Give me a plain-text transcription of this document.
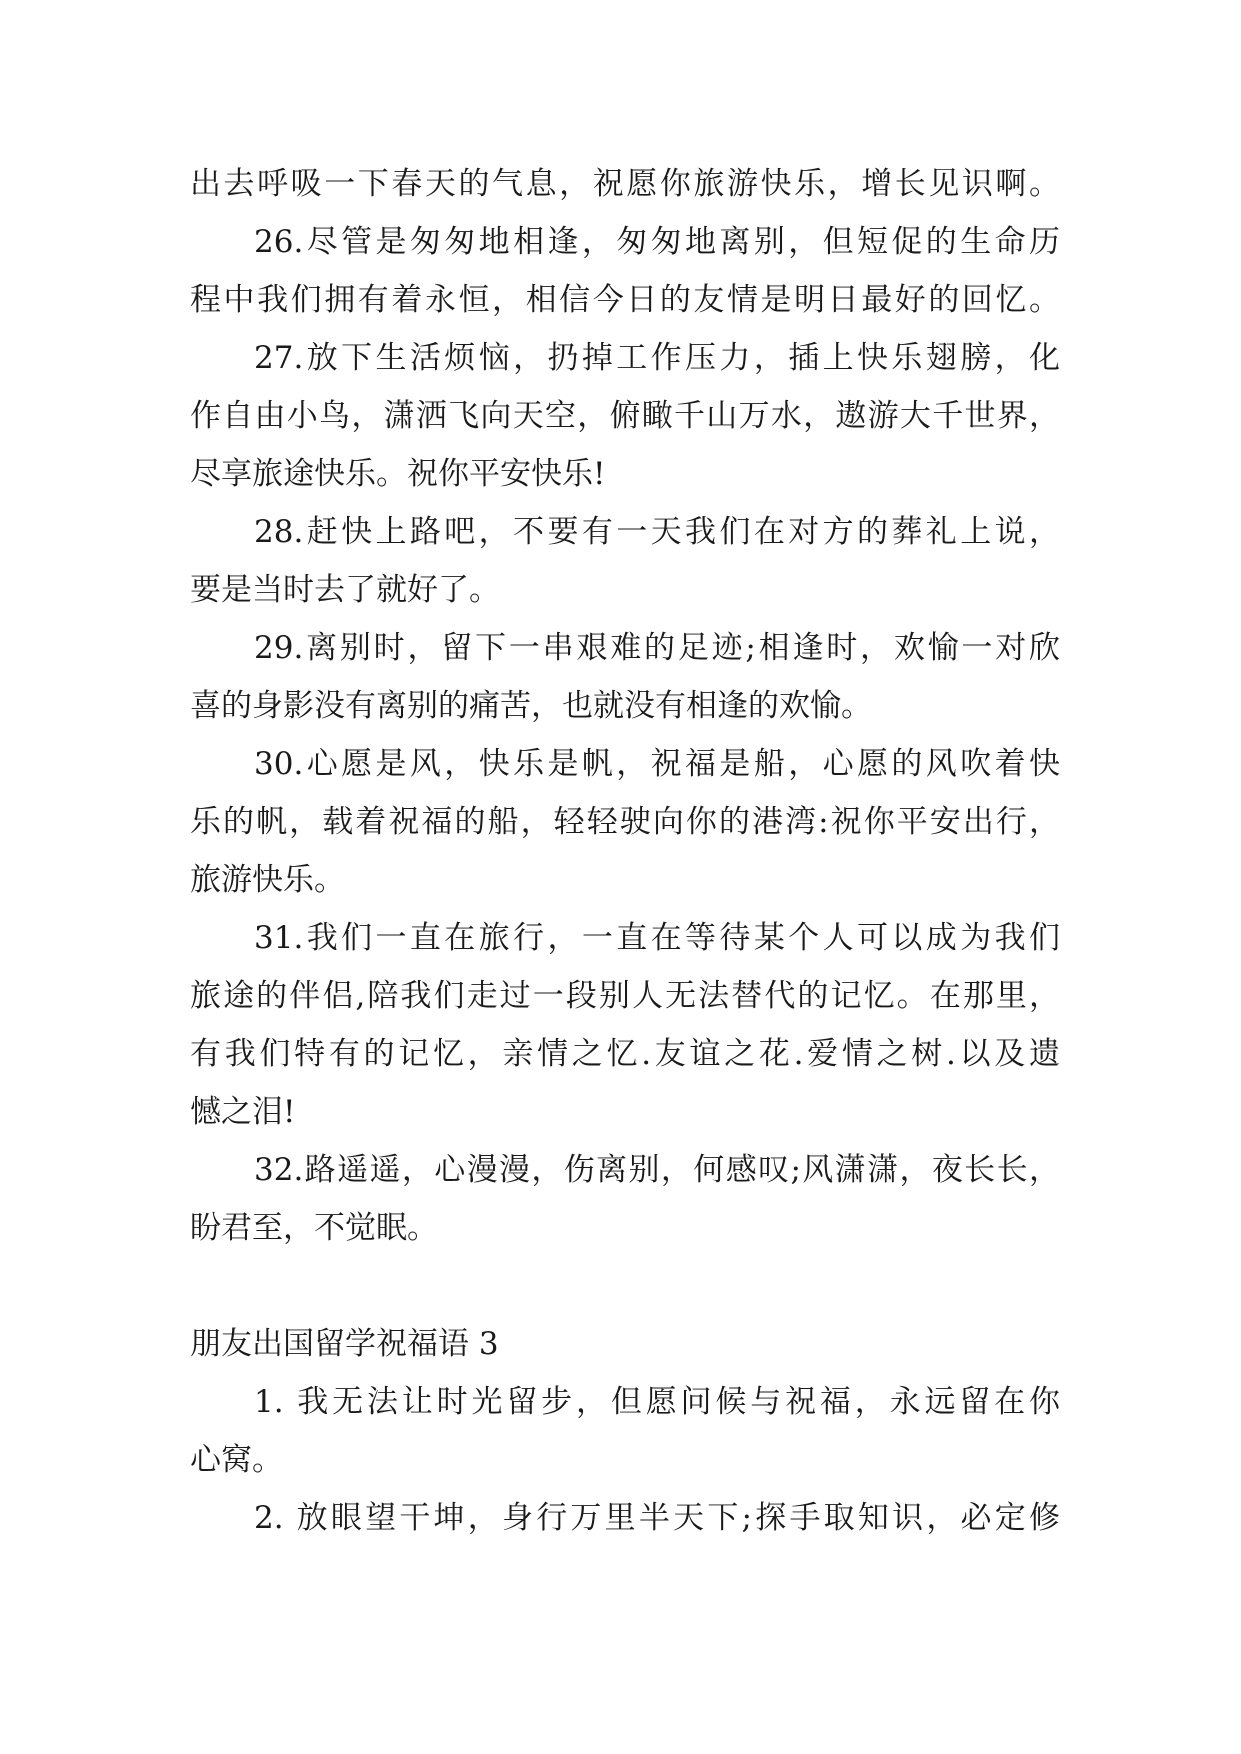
出去呼吸一下春天的气息，祝愿你旅游快乐，增长见识啊。
26.尽管是匆匆地相逢，匆匆地离别，但短促的生命历
程中我们拥有着永恒，相信今日的友情是明日最好的回忆。
27.放下生活烦恼，扔掉工作压力，插上快乐翅膀，化
作自由小鸟，潇洒飞向天空，俯瞰千山万水，遨游大千世界，
尽享旅途快乐。祝你平安快乐!
28.赶快上路吧，不要有一天我们在对方的葬礼上说，
要是当时去了就好了。
29.离别时，留下一串艰难的足迹;相逢时，欢愉一对欣
喜的身影没有离别的痛苦，也就没有相逢的欢愉。
30.心愿是风，快乐是帆，祝福是船，心愿的风吹着快
乐的帆，载着祝福的船，轻轻驶向你的港湾:祝你平安出行，
旅游快乐。
31.我们一直在旅行，一直在等待某个人可以成为我们
旅途的伴侣,陪我们走过一段别人无法替代的记忆。在那里，
有我们特有的记忆，亲情之忆.友谊之花.爱情之树.以及遗
憾之泪!
32.路遥遥，心漫漫，伤离别，何感叹;风潇潇，夜长长，
盼君至，不觉眠。
朋友出国留学祝福语 3
1. 我无法让时光留步，但愿问候与祝福，永远留在你
心窝。
2. 放眼望干坤，身行万里半天下;探手取知识，必定修
